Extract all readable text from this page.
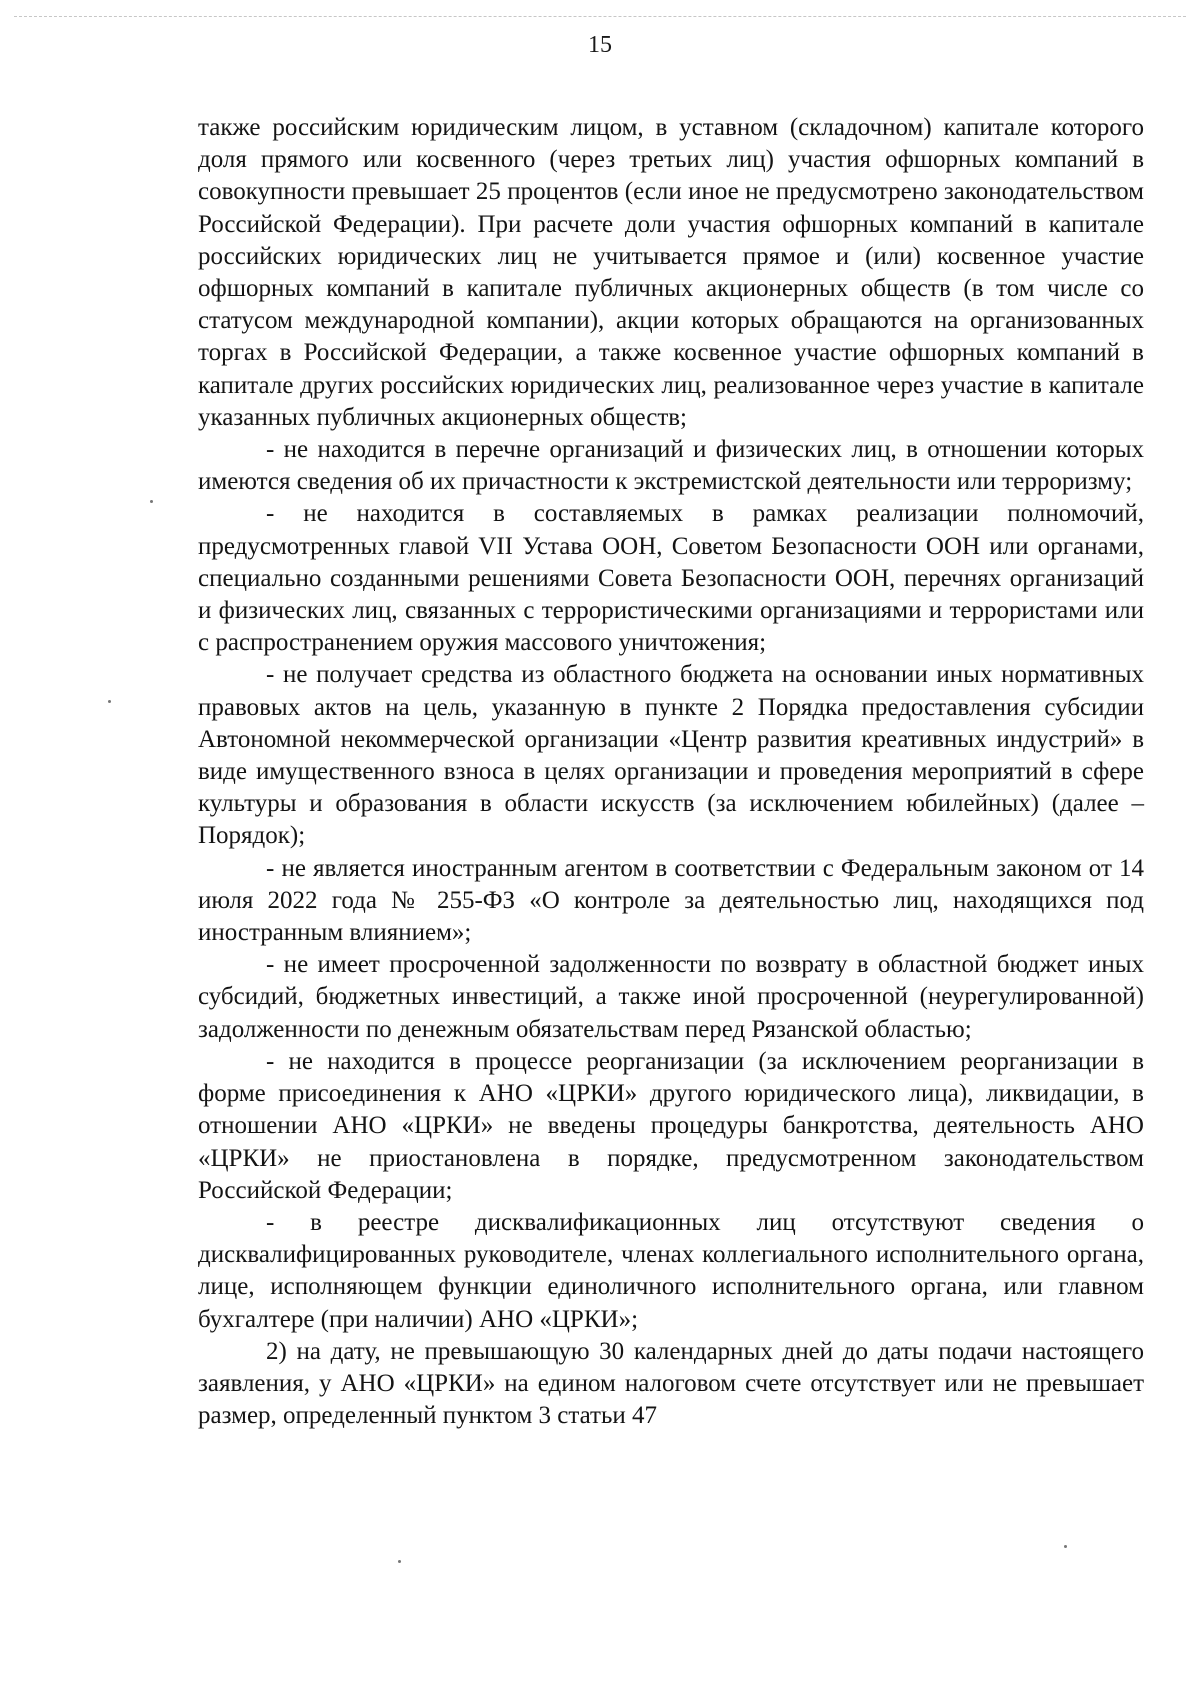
15

также российским юридическим лицом, в уставном (складочном) капитале которого доля прямого или косвенного (через третьих лиц) участия офшорных компаний в совокупности превышает 25 процентов (если иное не предусмотрено законодательством Российской Федерации). При расчете доли участия офшорных компаний в капитале российских юридических лиц не учитывается прямое и (или) косвенное участие офшорных компаний в капитале публичных акционерных обществ (в том числе со статусом международной компании), акции которых обращаются на организованных торгах в Российской Федерации, а также косвенное участие офшорных компаний в капитале других российских юридических лиц, реализованное через участие в капитале указанных публичных акционерных обществ;

- не находится в перечне организаций и физических лиц, в отношении которых имеются сведения об их причастности к экстремистской деятельности или терроризму;

- не находится в составляемых в рамках реализации полномочий, предусмотренных главой VII Устава ООН, Советом Безопасности ООН или органами, специально созданными решениями Совета Безопасности ООН, перечнях организаций и физических лиц, связанных с террористическими организациями и террористами или с распространением оружия массового уничтожения;

- не получает средства из областного бюджета на основании иных нормативных правовых актов на цель, указанную в пункте 2 Порядка предоставления субсидии Автономной некоммерческой организации «Центр развития креативных индустрий» в виде имущественного взноса в целях организации и проведения мероприятий в сфере культуры и образования в области искусств (за исключением юбилейных) (далее – Порядок);

- не является иностранным агентом в соответствии с Федеральным законом от 14 июля 2022 года № 255-ФЗ «О контроле за деятельностью лиц, находящихся под иностранным влиянием»;

- не имеет просроченной задолженности по возврату в областной бюджет иных субсидий, бюджетных инвестиций, а также иной просроченной (неурегулированной) задолженности по денежным обязательствам перед Рязанской областью;

- не находится в процессе реорганизации (за исключением реорганизации в форме присоединения к АНО «ЦРКИ» другого юридического лица), ликвидации, в отношении АНО «ЦРКИ» не введены процедуры банкротства, деятельность АНО «ЦРКИ» не приостановлена в порядке, предусмотренном законодательством Российской Федерации;

- в реестре дисквалификационных лиц отсутствуют сведения о дисквалифицированных руководителе, членах коллегиального исполнительного органа, лице, исполняющем функции единоличного исполнительного органа, или главном бухгалтере (при наличии) АНО «ЦРКИ»;

2) на дату, не превышающую 30 календарных дней до даты подачи настоящего заявления, у АНО «ЦРКИ» на едином налоговом счете отсутствует или не превышает размер, определенный пунктом 3 статьи 47
